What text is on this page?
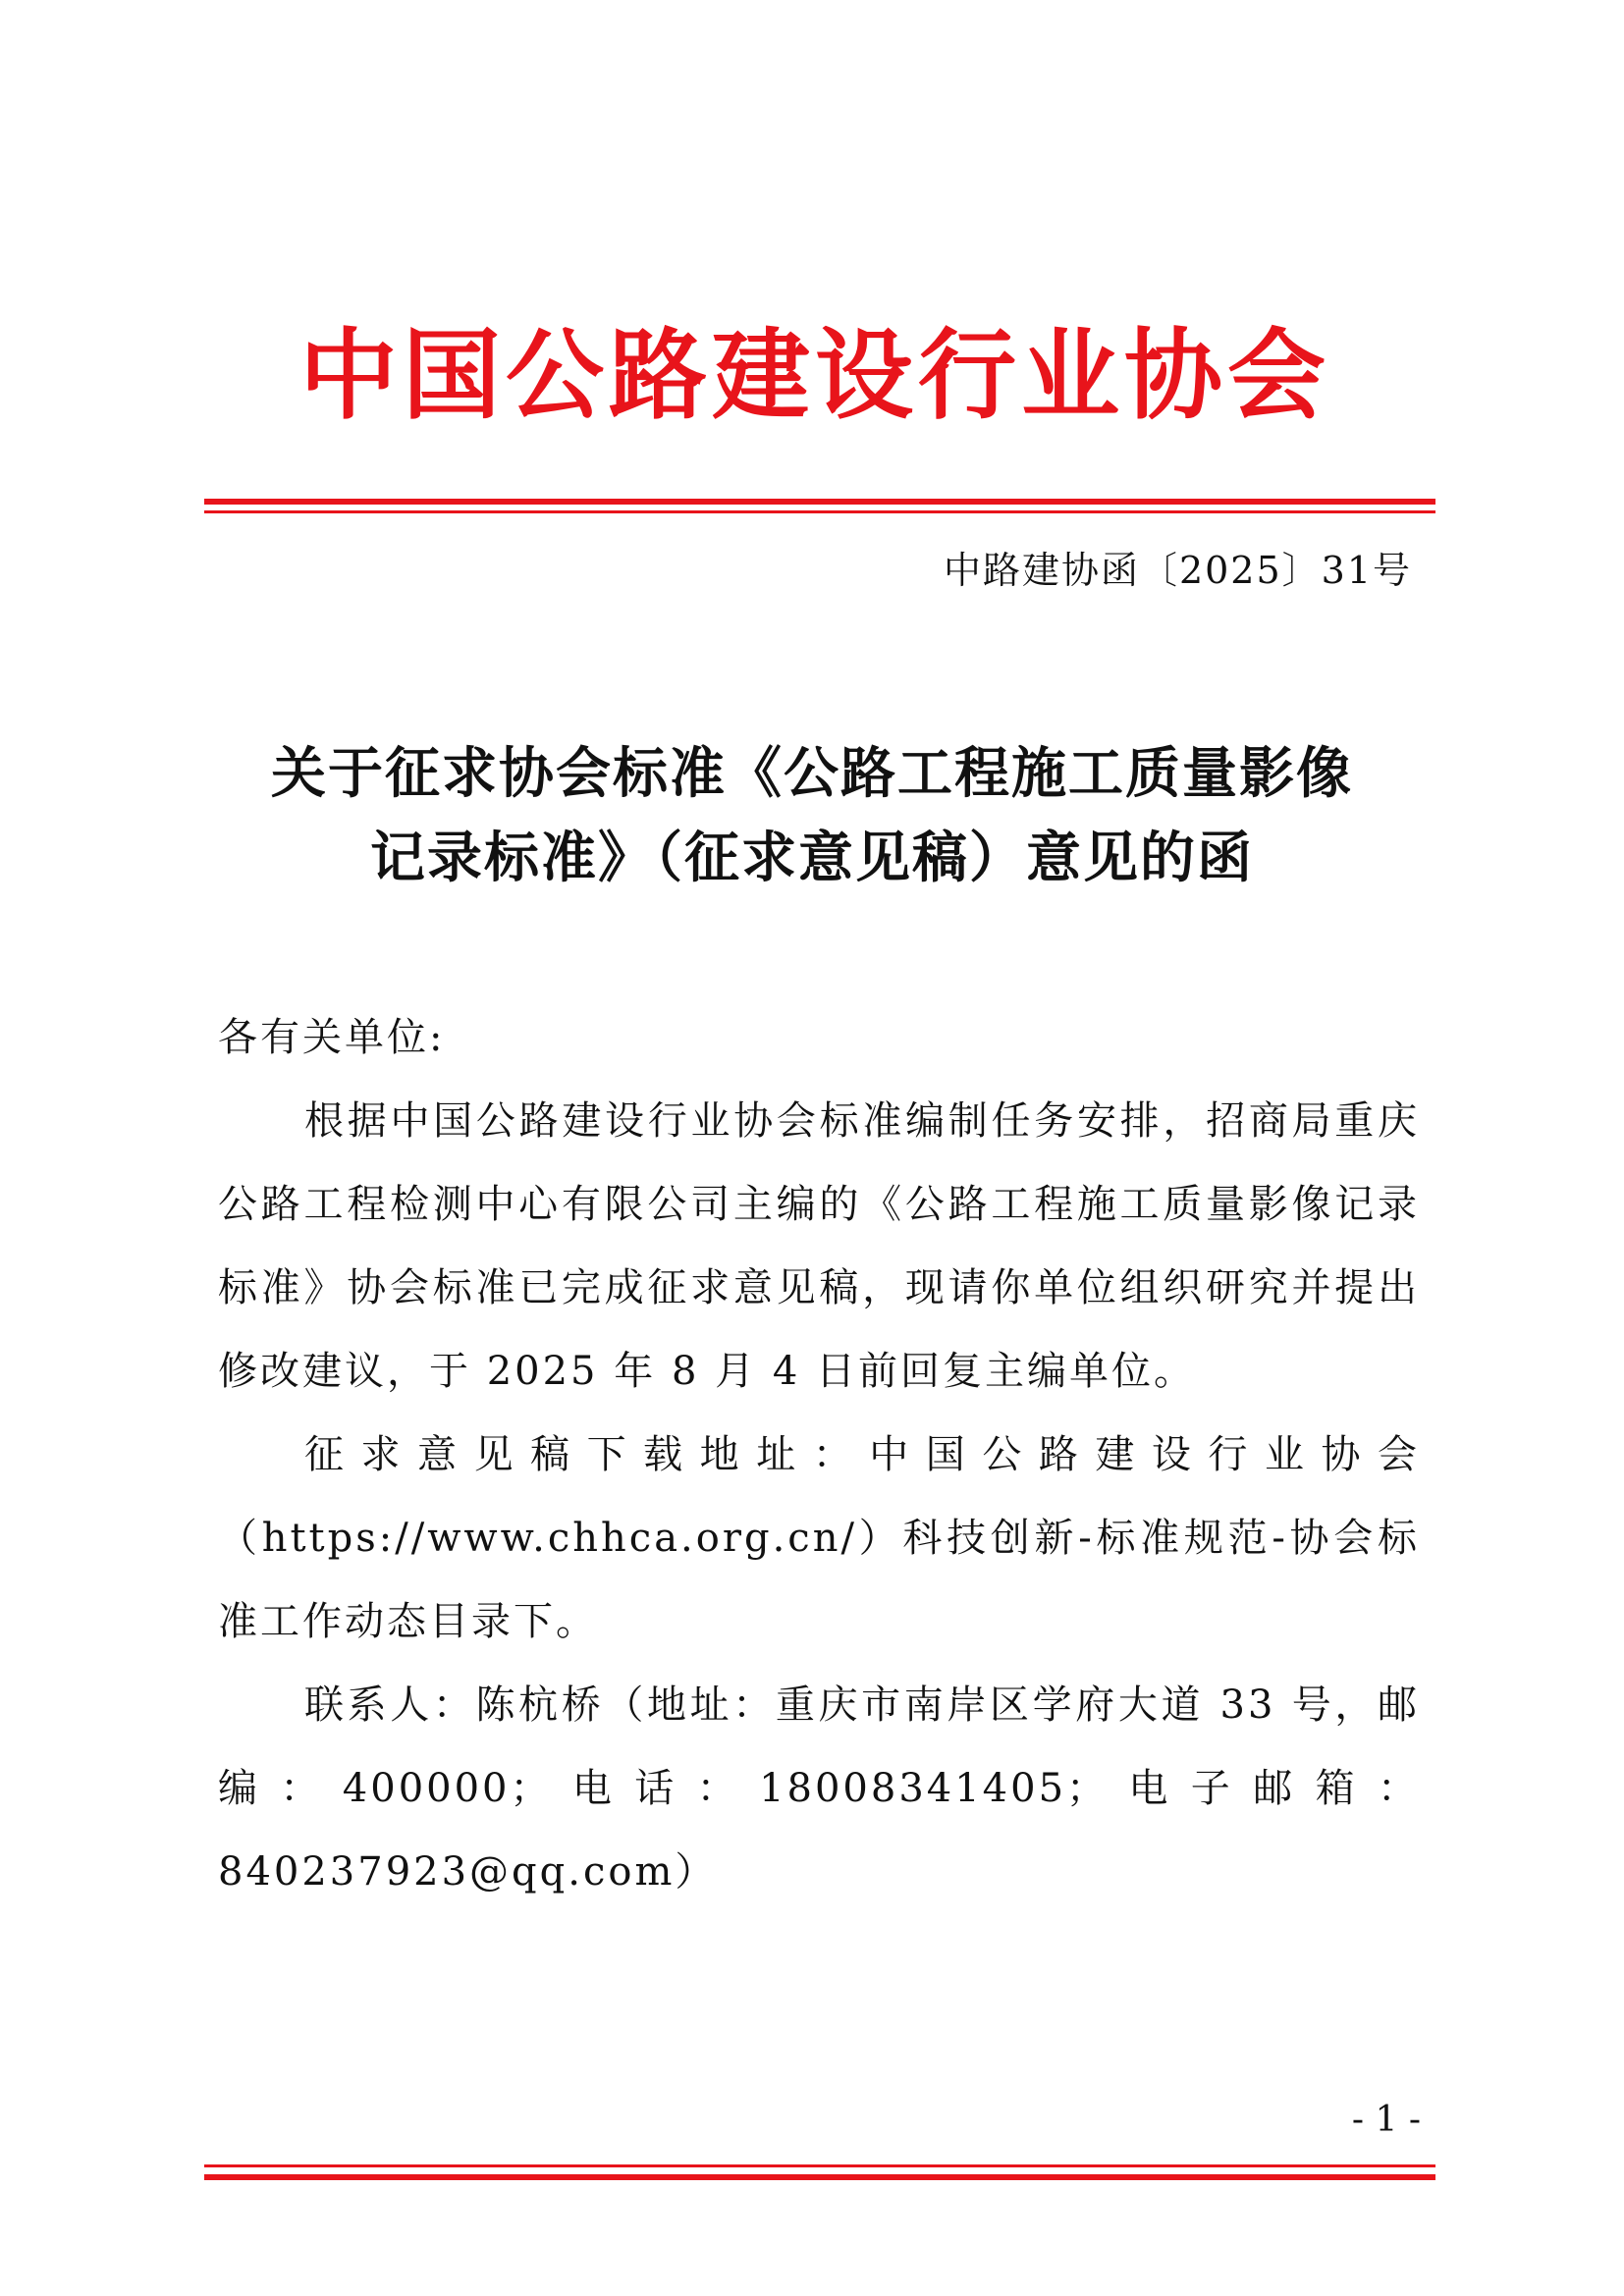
中国公路建设行业协会
中路建协函〔2025〕31号
关于征求协会标准《公路工程施工质量影像
记录标准》（征求意见稿）意见的函

各有关单位:

根据中国公路建设行业协会标准编制任务安排，招商局重庆公路工程检测中心有限公司主编的《公路工程施工质量影像记录标准》协会标准已完成征求意见稿，现请你单位组织研究并提出修改建议，于 2025 年 8 月 4 日前回复主编单位。

征求意见稿下载地址：中国公路建设行业协会（https://www.chhca.org.cn/）科技创新-标准规范-协会标准工作动态目录下。

联系人：陈杭桥（地址：重庆市南岸区学府大道 33 号，邮编：400000；电话：18008341405；电子邮箱：840237923@qq.com）

- 1 -
